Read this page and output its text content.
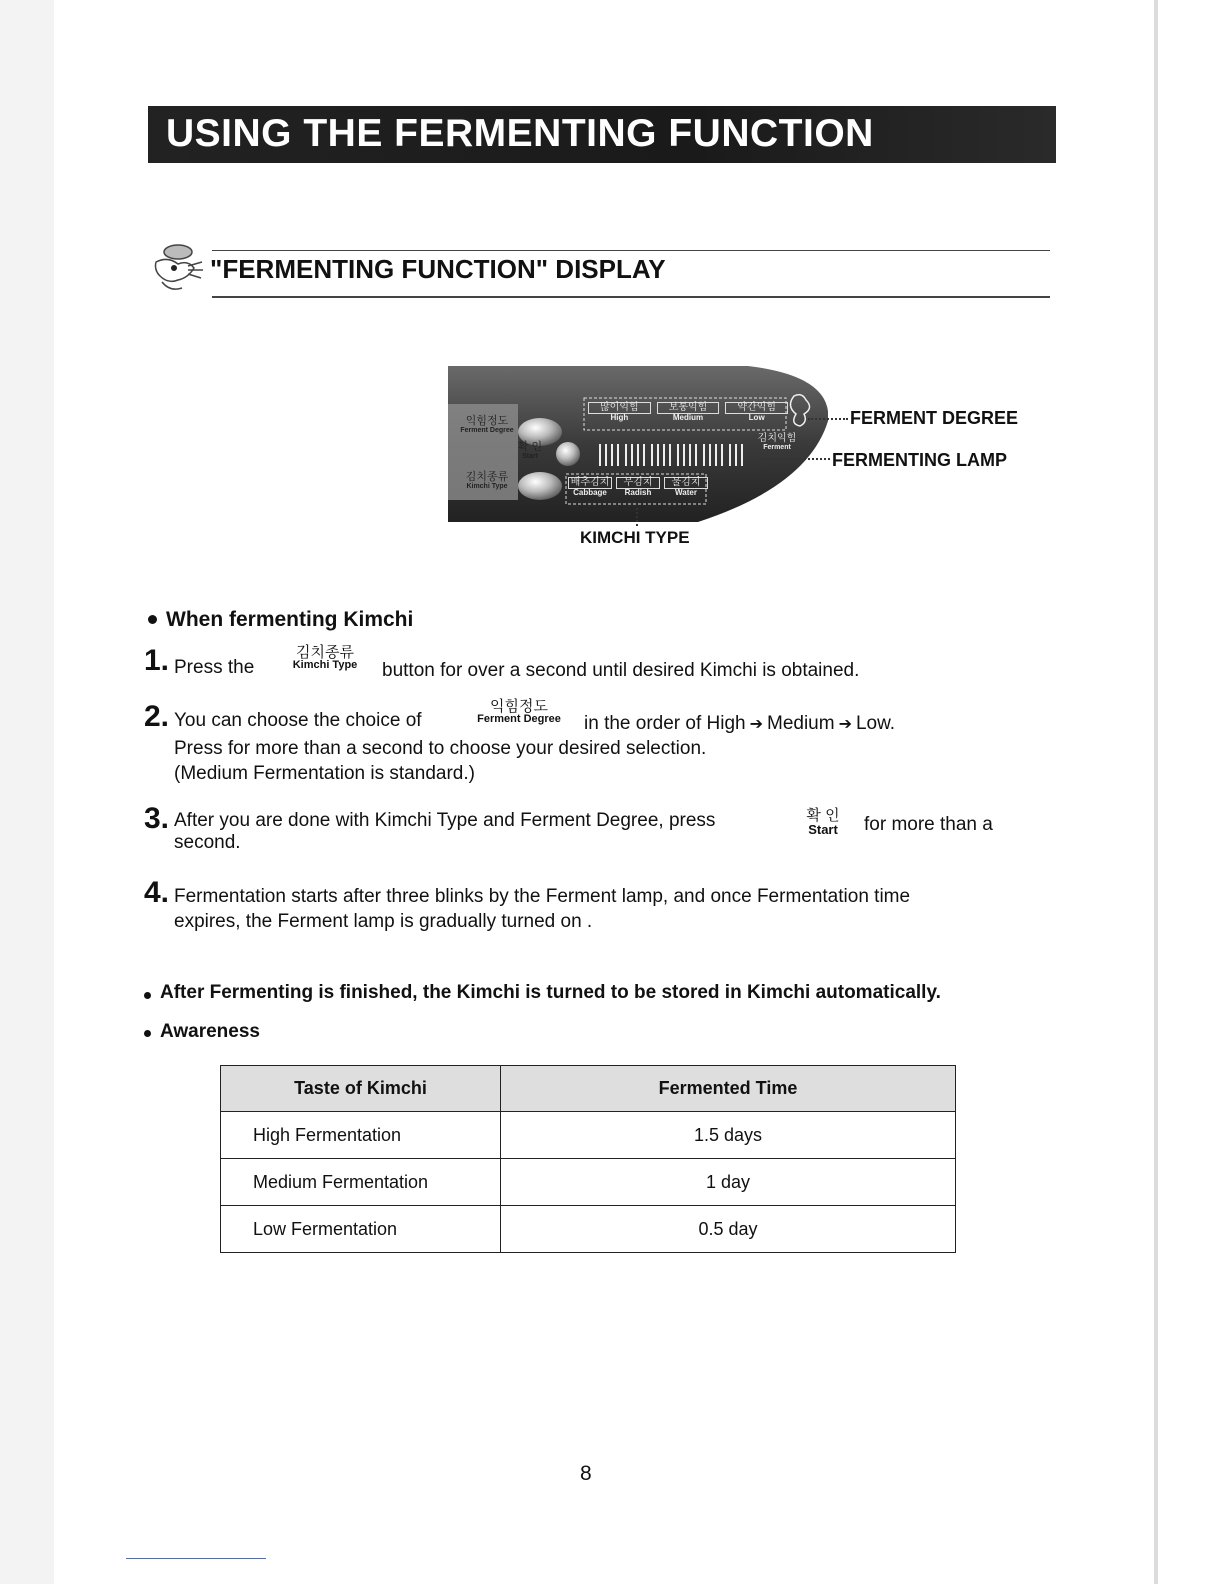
USING THE FERMENTING FUNCTION
"FERMENTING FUNCTION" DISPLAY
익힘정도
Ferment Degree
확 인
Start
김치종류
Kimchi Type
많이익힘
High
보통익힘
Medium
약간익힘
Low
배추김치
Cabbage
무김치
Radish
물김치
Water
김치익힘
Ferment
FERMENT DEGREE
FERMENTING LAMP
KIMCHI TYPE
When fermenting Kimchi
1. Press the
김치종류
Kimchi Type	button for over a second until desired Kimchi is obtained.
2. You can choose the choice of
익힘정도
Ferment Degree	in the order of High ➔ Medium ➔ Low.
Press for more than a second to choose your desired selection.
(Medium Fermentation is standard.)
3. After you are done with Kimchi Type and Ferment Degree, press	확 인
Start	for more than a
second.
4. Fermentation starts after three blinks by the Ferment lamp, and once Fermentation time
expires, the Ferment lamp is gradually turned on .
After Fermenting is finished, the Kimchi is turned to be stored in Kimchi automatically.
Awareness
Taste of Kimchi	Fermented Time
High Fermentation	1.5 days
Medium Fermentation	1 day
Low Fermentation	0.5 day
8
